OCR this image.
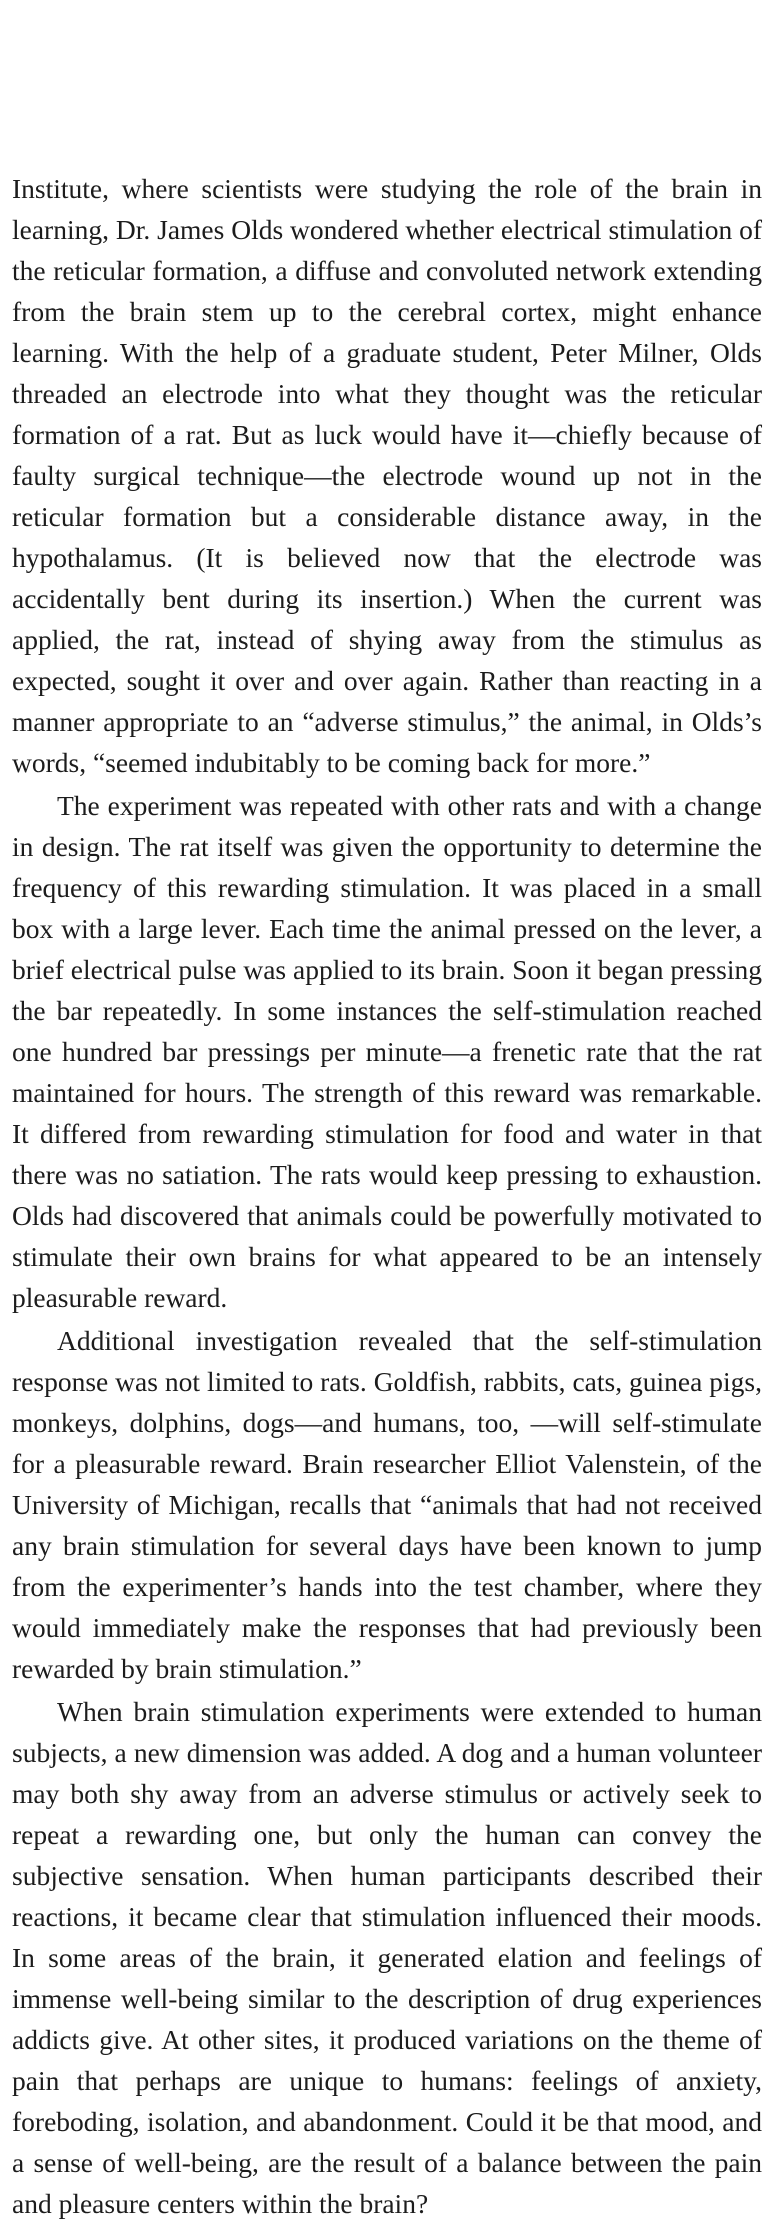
Institute, where scientists were studying the role of the brain in learning, Dr. James Olds wondered whether electrical stimulation of the reticular formation, a diffuse and convoluted network extending from the brain stem up to the cerebral cortex, might enhance learning. With the help of a graduate student, Peter Milner, Olds threaded an electrode into what they thought was the reticular formation of a rat. But as luck would have it—chiefly because of faulty surgical technique—the electrode wound up not in the reticular formation but a considerable distance away, in the hypothalamus. (It is believed now that the electrode was accidentally bent during its insertion.) When the current was applied, the rat, instead of shying away from the stimulus as expected, sought it over and over again. Rather than reacting in a manner appropriate to an “adverse stimulus,” the animal, in Olds’s words, “seemed indubitably to be coming back for more.”

The experiment was repeated with other rats and with a change in design. The rat itself was given the opportunity to determine the frequency of this rewarding stimulation. It was placed in a small box with a large lever. Each time the animal pressed on the lever, a brief electrical pulse was applied to its brain. Soon it began pressing the bar repeatedly. In some instances the self-stimulation reached one hundred bar pressings per minute—a frenetic rate that the rat maintained for hours. The strength of this reward was remarkable. It differed from rewarding stimulation for food and water in that there was no satiation. The rats would keep pressing to exhaustion. Olds had discovered that animals could be powerfully motivated to stimulate their own brains for what appeared to be an intensely pleasurable reward.

Additional investigation revealed that the self-stimulation response was not limited to rats. Goldfish, rabbits, cats, guinea pigs, monkeys, dolphins, dogs—and humans, too, —will self-stimulate for a pleasurable reward. Brain researcher Elliot Valenstein, of the University of Michigan, recalls that “animals that had not received any brain stimulation for several days have been known to jump from the experimenter’s hands into the test chamber, where they would immediately make the responses that had previously been rewarded by brain stimulation.”

When brain stimulation experiments were extended to human subjects, a new dimension was added. A dog and a human volunteer may both shy away from an adverse stimulus or actively seek to repeat a rewarding one, but only the human can convey the subjective sensation. When human participants described their reactions, it became clear that stimulation influenced their moods. In some areas of the brain, it generated elation and feelings of immense well-being similar to the description of drug experiences addicts give. At other sites, it produced variations on the theme of pain that perhaps are unique to humans: feelings of anxiety, foreboding, isolation, and abandonment. Could it be that mood, and a sense of well-being, are the result of a balance between the pain and pleasure centers within the brain?
